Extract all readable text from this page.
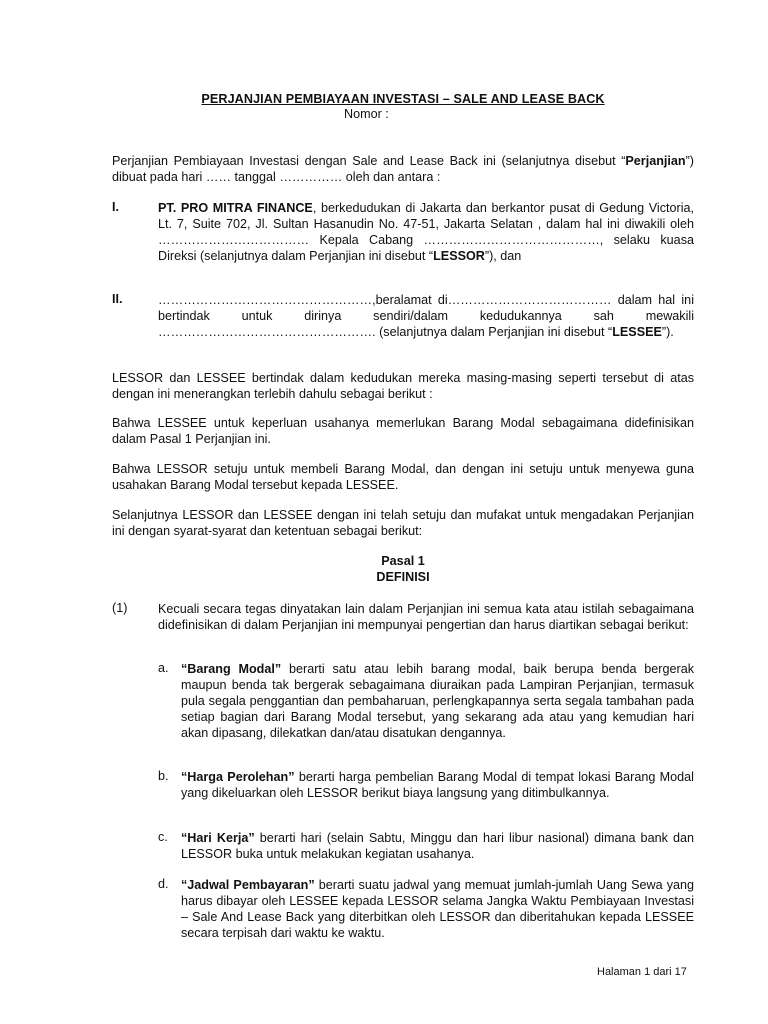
PERJANJIAN PEMBIAYAAN INVESTASI – SALE AND LEASE BACK

Nomor :

Perjanjian Pembiayaan Investasi dengan Sale and Lease Back ini (selanjutnya disebut “Perjanjian”) dibuat pada hari …… tanggal …………… oleh dan antara :

I.	PT. PRO MITRA FINANCE, berkedudukan di Jakarta dan berkantor pusat di Gedung Victoria, Lt. 7, Suite 702, Jl. Sultan Hasanudin No. 47-51, Jakarta Selatan , dalam hal ini diwakili oleh ……………………………… Kepala Cabang ……………………………………, selaku kuasa Direksi (selanjutnya dalam Perjanjian ini disebut “LESSOR”), dan

II.	……………………………………………,beralamat di………………………………… dalam hal ini bertindak untuk dirinya sendiri/dalam kedudukannya sah mewakili ……………………………………………. (selanjutnya dalam Perjanjian ini disebut “LESSEE”).

LESSOR dan LESSEE bertindak dalam kedudukan mereka masing-masing seperti tersebut di atas dengan ini menerangkan terlebih dahulu sebagai berikut :

Bahwa LESSEE untuk keperluan usahanya memerlukan Barang Modal sebagaimana didefinisikan dalam Pasal 1 Perjanjian ini.

Bahwa LESSOR setuju untuk membeli Barang Modal, dan dengan ini setuju untuk menyewa guna usahakan Barang Modal tersebut kepada LESSEE.

Selanjutnya LESSOR dan LESSEE dengan ini telah setuju dan mufakat untuk mengadakan Perjanjian ini dengan syarat-syarat dan ketentuan sebagai berikut:

Pasal 1

DEFINISI

(1) Kecuali secara tegas dinyatakan lain dalam Perjanjian ini semua kata atau istilah sebagaimana didefinisikan di dalam Perjanjian ini mempunyai pengertian dan harus diartikan sebagai berikut:

a. “Barang Modal” berarti satu atau lebih barang modal, baik berupa benda bergerak maupun benda tak bergerak sebagaimana diuraikan pada Lampiran Perjanjian, termasuk pula segala penggantian dan pembaharuan, perlengkapannya serta segala tambahan pada setiap bagian dari Barang Modal tersebut, yang sekarang ada atau yang kemudian hari akan dipasang, dilekatkan dan/atau disatukan dengannya.

b. “Harga Perolehan” berarti harga pembelian Barang Modal di tempat lokasi Barang Modal yang dikeluarkan oleh LESSOR berikut biaya langsung yang ditimbulkannya.

c. “Hari Kerja” berarti hari (selain Sabtu, Minggu dan hari libur nasional) dimana bank dan LESSOR buka untuk melakukan kegiatan usahanya.

d. “Jadwal Pembayaran” berarti suatu jadwal yang memuat jumlah-jumlah Uang Sewa yang harus dibayar oleh LESSEE kepada LESSOR selama Jangka Waktu Pembiayaan Investasi – Sale And Lease Back yang diterbitkan oleh LESSOR dan diberitahukan kepada LESSEE secara terpisah dari waktu ke waktu.

Halaman 1 dari 17
